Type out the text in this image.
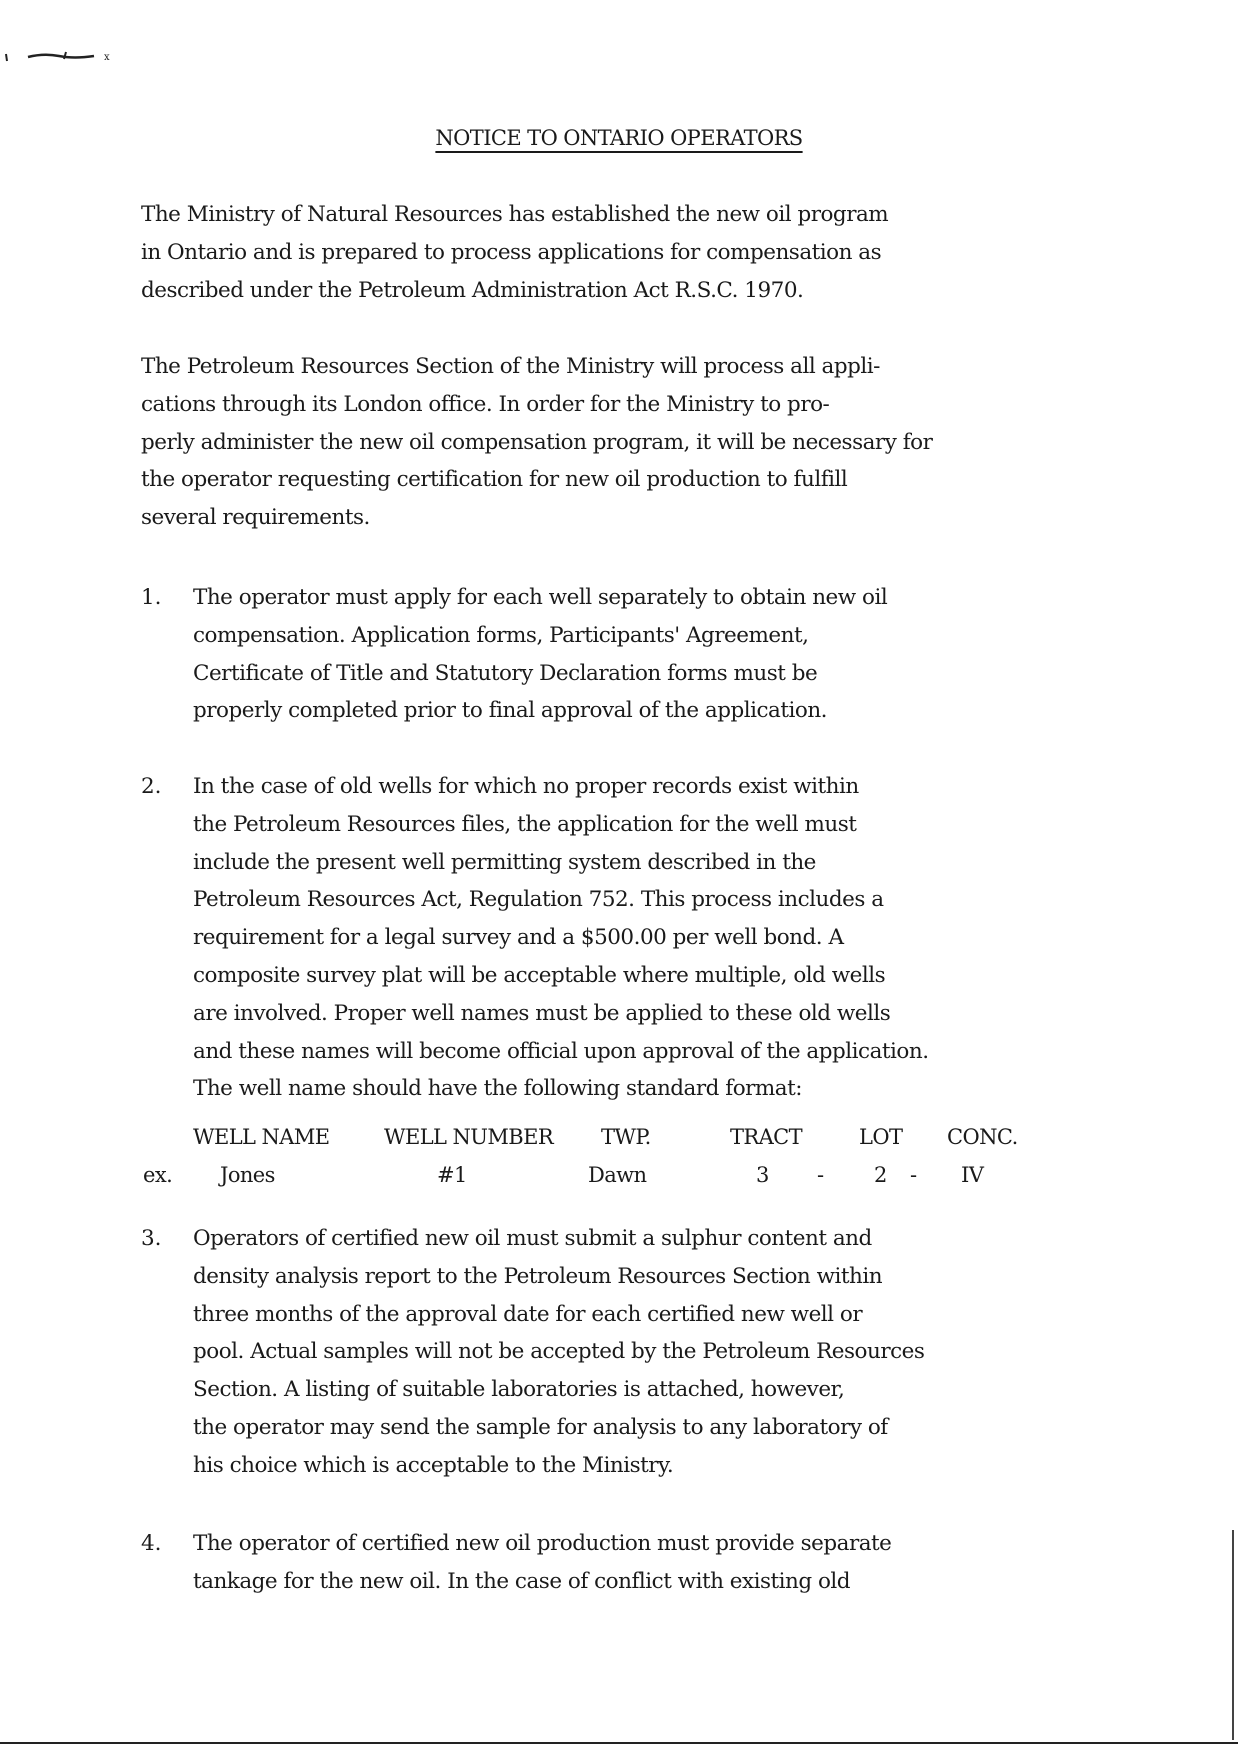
x
NOTICE TO ONTARIO OPERATORS

The Ministry of Natural Resources has established the new oil program
in Ontario and is prepared to process applications for compensation as
described under the Petroleum Administration Act R.S.C. 1970.

The Petroleum Resources Section of the Ministry will process all appli-
cations through its London office. In order for the Ministry to pro-
perly administer the new oil compensation program, it will be necessary for
the operator requesting certification for new oil production to fulfill
several requirements.

1. The operator must apply for each well separately to obtain new oil
compensation. Application forms, Participants' Agreement,
Certificate of Title and Statutory Declaration forms must be
properly completed prior to final approval of the application.

2. In the case of old wells for which no proper records exist within
the Petroleum Resources files, the application for the well must
include the present well permitting system described in the
Petroleum Resources Act, Regulation 752. This process includes a
requirement for a legal survey and a $500.00 per well bond. A
composite survey plat will be acceptable where multiple, old wells
are involved. Proper well names must be applied to these old wells
and these names will become official upon approval of the application.
The well name should have the following standard format:

WELL NAME	WELL NUMBER TWP.	TRACT	LOT CONC.
ex. Jones	#1	Dawn	3 - 2 - IV
3. Operators of certified new oil must submit a sulphur content and
density analysis report to the Petroleum Resources Section within
three months of the approval date for each certified new well or
pool. Actual samples will not be accepted by the Petroleum Resources
Section. A listing of suitable laboratories is attached, however,
the operator may send the sample for analysis to any laboratory of
his choice which is acceptable to the Ministry.

4. The operator of certified new oil production must provide separate
tankage for the new oil. In the case of conflict with existing old
